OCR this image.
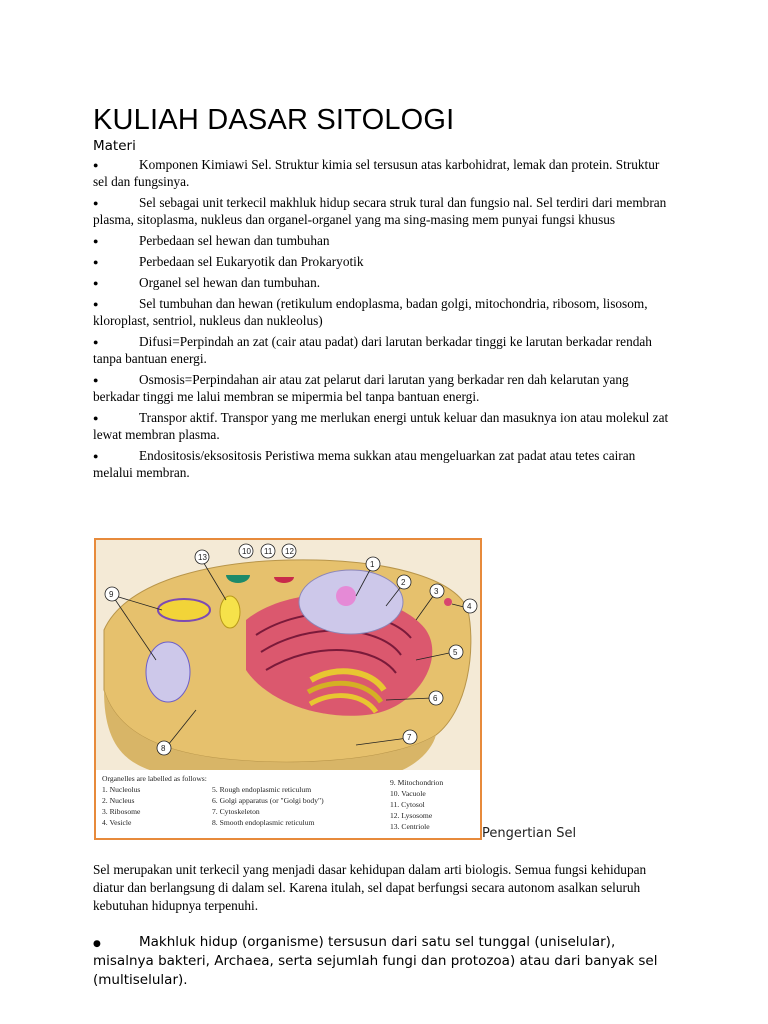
KULIAH DASAR SITOLOGI
Materi
●	Komponen Kimiawi Sel. Struktur kimia sel tersusun atas karbohidrat, lemak dan protein. Struktur sel dan fungsinya.
●	Sel sebagai unit terkecil makhluk hidup secara struk tural dan fungsio nal. Sel terdiri dari membran plasma, sitoplasma, nukleus dan organel-organel yang ma sing-masing mem punyai fungsi khusus
●	Perbedaan sel hewan dan tumbuhan
●	Perbedaan sel Eukaryotik dan Prokaryotik
●	Organel sel hewan dan tumbuhan.
●	Sel tumbuhan dan hewan (retikulum endoplasma, badan golgi, mitochondria, ribosom, lisosom, kloroplast, sentriol, nukleus dan nukleolus)
●	Difusi=Perpindah an zat (cair atau padat) dari larutan berkadar tinggi ke larutan berkadar rendah tanpa bantuan energi.
●	Osmosis=Perpindahan air atau zat pelarut dari larutan yang berkadar ren dah kelarutan yang berkadar tinggi me lalui membran se mipermia bel tanpa bantuan energi.
●	Transpor aktif. Transpor yang me merlukan energi untuk keluar dan masuknya ion atau molekul zat lewat membran plasma.
●	Endositosis/eksositosis Peristiwa mema sukkan atau mengeluarkan zat padat atau tetes cairan melalui membran.
13
10 11 12
1
2
3
4
5
6
7
8
9
Organelles are labelled as follows:
1. Nucleolus
2. Nucleus
3. Ribosome
4. Vesicle
5. Rough endoplasmic reticulum
6. Golgi apparatus (or "Golgi body")
7. Cytoskeleton
8. Smooth endoplasmic reticulum
9. Mitochondrion
10. Vacuole
11. Cytosol
12. Lysosome
13. Centriole	Pengertian Sel

Sel merupakan unit terkecil yang menjadi dasar kehidupan dalam arti biologis. Semua fungsi kehidupan diatur dan berlangsung di dalam sel. Karena itulah, sel dapat berfungsi secara autonom asalkan seluruh kebutuhan hidupnya terpenuhi.

●	Makhluk hidup (organisme) tersusun dari satu sel tunggal (uniselular), misalnya bakteri, Archaea, serta sejumlah fungi dan protozoa) atau dari banyak sel (multiselular).
